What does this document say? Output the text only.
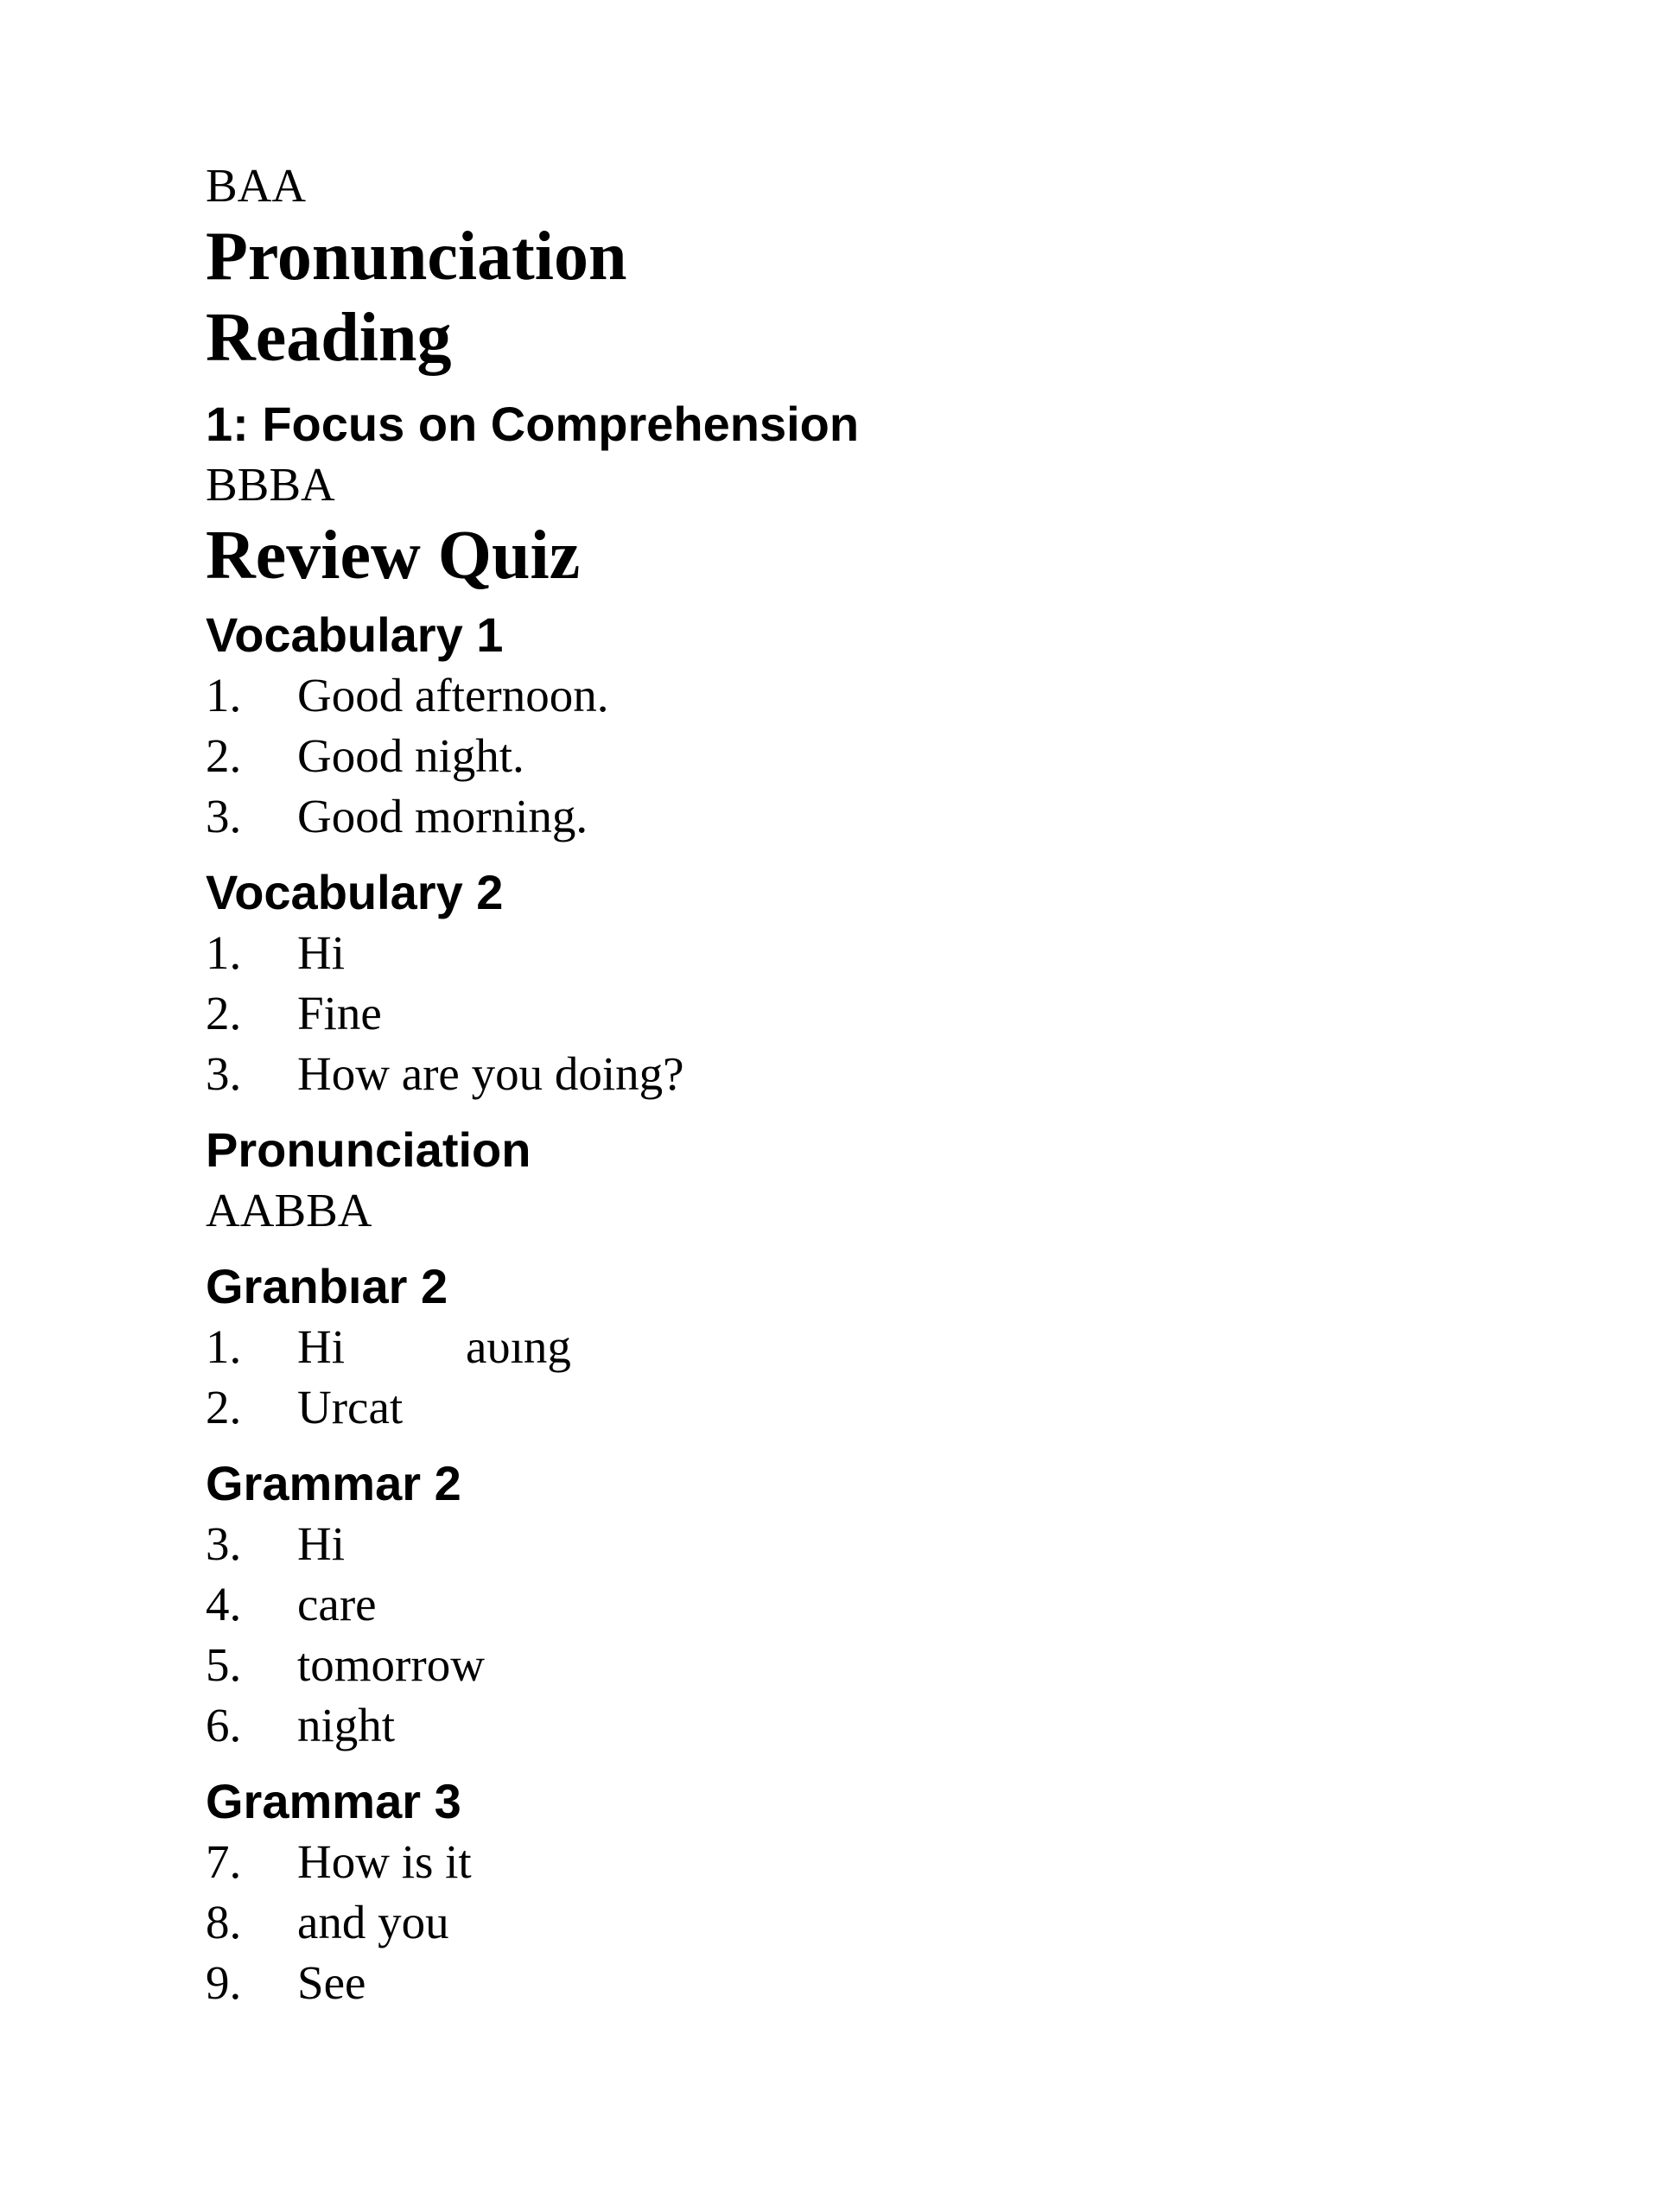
BAA
Pronunciation
Reading
1: Focus on Comprehension
BBBA
Review Quiz
Vocabulary 1
1.	Good afternoon.
2.	Good night.
3.	Good morning.
Vocabulary 2
1.	Hi
2.	Fine
3.	How are you doing?
Pronunciation
AABBA
Granbıar 2
1.	Hi	aυıng
2.	Urcat
Grammar 2
3.	Hi
4.	care
5.	tomorrow
6.	night
Grammar 3
7.	How is it
8.	and you
9.	See
